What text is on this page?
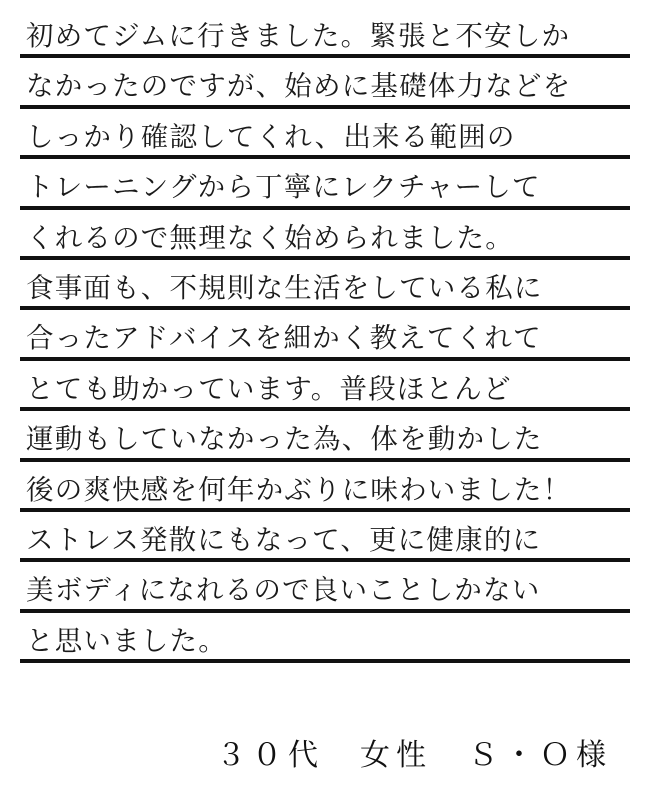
初めてジムに行きました。緊張と不安しか
なかったのですが、始めに基礎体力などを
しっかり確認してくれ、出来る範囲の
トレーニングから丁寧にレクチャーして
くれるので無理なく始められました。
食事面も、不規則な生活をしている私に
合ったアドバイスを細かく教えてくれて
とても助かっています。普段ほとんど
運動もしていなかった為、体を動かした
後の爽快感を何年かぶりに味わいました！
ストレス発散にもなって、更に健康的に
美ボディになれるので良いことしかない
と思いました。
３０代　女性　Ｓ・Ｏ様
